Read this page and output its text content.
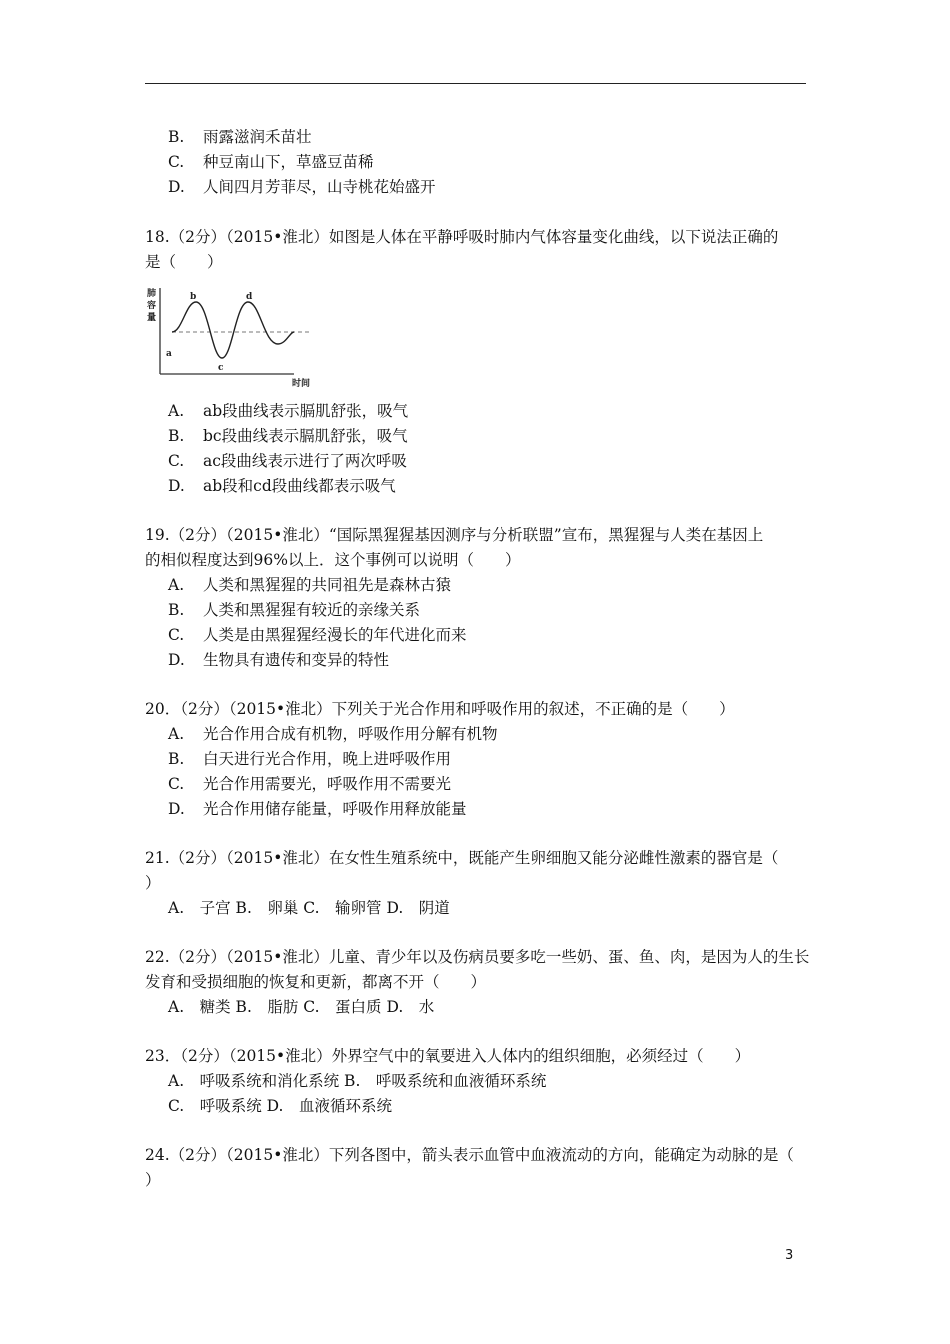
B. 雨露滋润禾苗壮
C. 种豆南山下，草盛豆苗稀
D. 人间四月芳菲尽，山寺桃花始盛开
18.（2分）（2015•淮北）如图是人体在平静呼吸时肺内气体容量变化曲线，以下说法正确的
是（　　）
肺
容
量
a
b
c
d
时间
A. ab段曲线表示膈肌舒张，吸气
B. bc段曲线表示膈肌舒张，吸气
C. ac段曲线表示进行了两次呼吸
D. ab段和cd段曲线都表示吸气
19.（2分）（2015•淮北）“国际黑猩猩基因测序与分析联盟”宣布，黑猩猩与人类在基因上
的相似程度达到96%以上．这个事例可以说明（　　）
A. 人类和黑猩猩的共同祖先是森林古猿
B. 人类和黑猩猩有较近的亲缘关系
C. 人类是由黑猩猩经漫长的年代进化而来
D. 生物具有遗传和变异的特性
20．（2分）（2015•淮北）下列关于光合作用和呼吸作用的叙述，不正确的是（　　）
A. 光合作用合成有机物，呼吸作用分解有机物
B. 白天进行光合作用，晚上进呼吸作用
C. 光合作用需要光，呼吸作用不需要光
D. 光合作用储存能量，呼吸作用释放能量
21.（2分）（2015•淮北）在女性生殖系统中，既能产生卵细胞又能分泌雌性激素的器官是（
）
A.　子宫 B.　卵巢 C.　输卵管 D.　阴道
22.（2分）（2015•淮北）儿童、青少年以及伤病员要多吃一些奶、蛋、鱼、肉，是因为人的生长
发育和受损细胞的恢复和更新，都离不开（　　）
A.　糖类 B.　脂肪 C.　蛋白质 D.　水
23．（2分）（2015•淮北）外界空气中的氧要进入人体内的组织细胞，必须经过（　　）
A.　呼吸系统和消化系统 B.　呼吸系统和血液循环系统
C.　呼吸系统 D.　血液循环系统
24.（2分）（2015•淮北）下列各图中，箭头表示血管中血液流动的方向，能确定为动脉的是（
）
3
